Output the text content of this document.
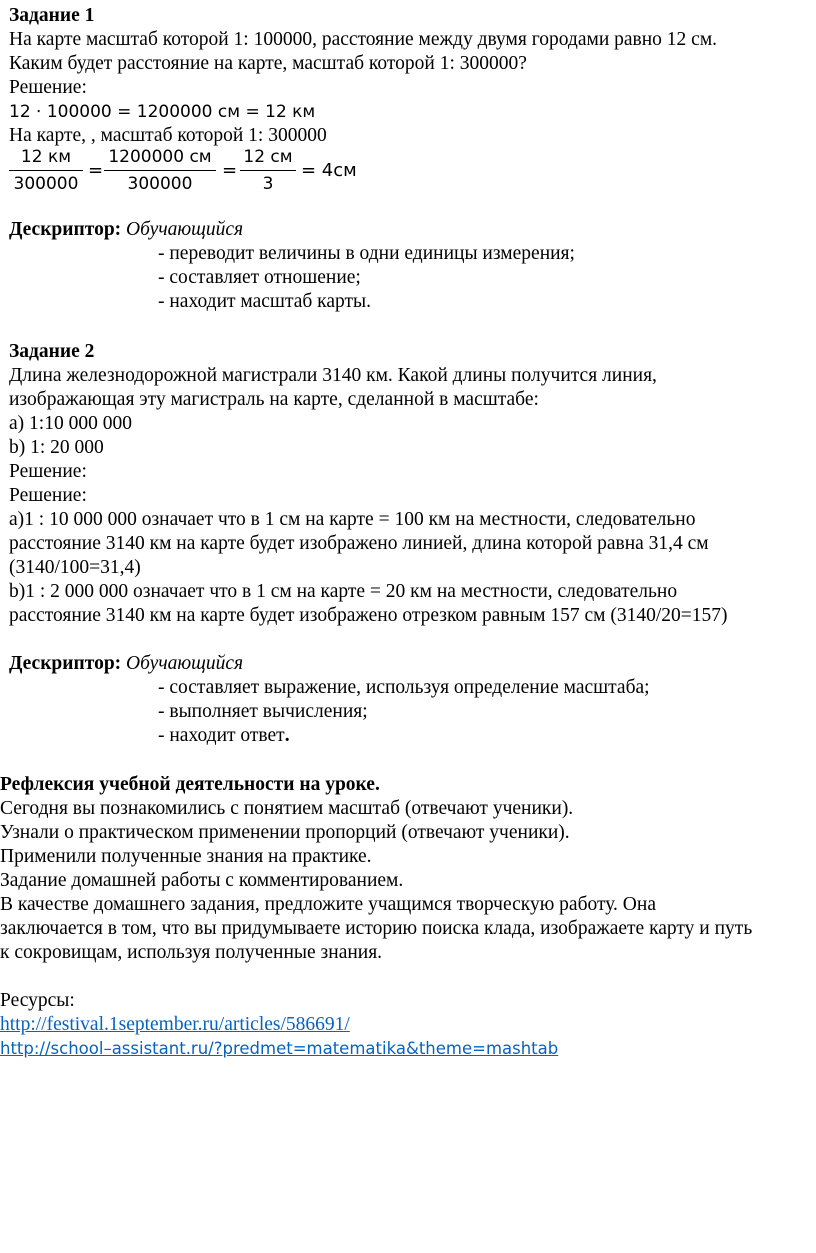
Задание 1
На карте масштаб которой 1: 100000, расстояние между двумя городами равно 12 см.
Каким будет расстояние на карте, масштаб которой 1: 300000?
Решение:
12 ⋅ 100000 = 1200000 см = 12 км
На карте, , масштаб которой 1: 300000
12 км
300000
=
1200000 см
300000
=
12 см
3
= 4см
Дескриптор: Обучающийся
- переводит величины в одни единицы измерения;
- составляет отношение;
- находит масштаб карты.
Задание 2
Длина железнодорожной магистрали 3140 км. Какой длины получится линия,
изображающая эту магистраль на карте, сделанной в масштабе:
а) 1:10 000 000
b) 1: 20 000
Решение:
Решение:
а)1 : 10 000 000 означает что в 1 см на карте = 100 км на местности, следовательно
расстояние 3140 км на карте будет изображено линией, длина которой равна 31,4 см
(3140/100=31,4)
b)1 : 2 000 000 означает что в 1 см на карте = 20 км на местности, следовательно
расстояние 3140 км на карте будет изображено отрезком равным 157 см (3140/20=157)
Дескриптор: Обучающийся
- составляет выражение, используя определение масштаба;
- выполняет вычисления;
- находит ответ.
Рефлексия учебной деятельности на уроке.
Сегодня вы познакомились с понятием масштаб (отвечают ученики).
Узнали о практическом применении пропорций (отвечают ученики).
Применили полученные знания на практике.
Задание домашней работы с комментированием.
В качестве домашнего задания, предложите учащимся творческую работу. Она
заключается в том, что вы придумываете историю поиска клада, изображаете карту и путь
к сокровищам, используя полученные знания.
Ресурсы:
http://festival.1september.ru/articles/586691/
http://school–assistant.ru/?predmet=matematika&theme=mashtab
